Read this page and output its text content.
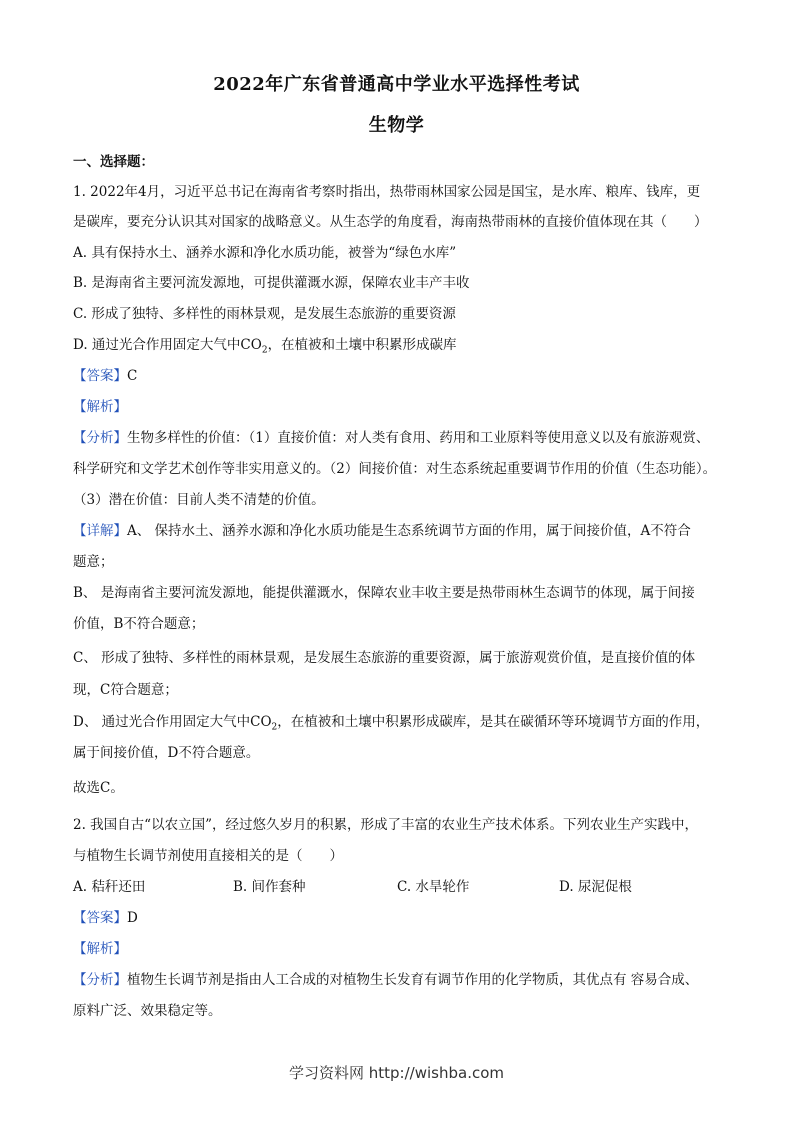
2022年广东省普通高中学业水平选择性考试
生物学
一、选择题：
1. 2022年4月，习近平总书记在海南省考察时指出，热带雨林国家公园是国宝，是水库、粮库、钱库，更
是碳库，要充分认识其对国家的战略意义。从生态学的角度看，海南热带雨林的直接价值体现在其（　　）
A. 具有保持水土、涵养水源和净化水质功能，被誉为“绿色水库”
B. 是海南省主要河流发源地，可提供灌溉水源，保障农业丰产丰收
C. 形成了独特、多样性的雨林景观，是发展生态旅游的重要资源
D. 通过光合作用固定大气中$CO_2$，在植被和土壤中积累形成碳库
【答案】C
【解析】
【分析】生物多样性的价值：（1）直接价值：对人类有食用、药用和工业原料等使用意义以及有旅游观赏、
科学研究和文学艺术创作等非实用意义的。（2）间接价值：对生态系统起重要调节作用的价值（生态功能）。
（3）潜在价值：目前人类不清楚的价值。
【详解】A、 保持水土、涵养水源和净化水质功能是生态系统调节方面的作用，属于间接价值，A不符合
题意；
B、 是海南省主要河流发源地，能提供灌溉水，保障农业丰收主要是热带雨林生态调节的体现，属于间接
价值，B不符合题意；
C、 形成了独特、多样性的雨林景观，是发展生态旅游的重要资源，属于旅游观赏价值，是直接价值的体
现，C符合题意；
D、 通过光合作用固定大气中$CO_2$，在植被和土壤中积累形成碳库，是其在碳循环等环境调节方面的作用，
属于间接价值，D不符合题意。
故选C。
2. 我国自古“以农立国”，经过悠久岁月的积累，形成了丰富的农业生产技术体系。下列农业生产实践中，
与植物生长调节剂使用直接相关的是（　　）
A. 秸秆还田	B. 间作套种	C. 水旱轮作	D. 尿泥促根
【答案】D
【解析】
【分析】植物生长调节剂是指由人工合成的对植物生长发育有调节作用的化学物质，其优点有 容易合成、
原料广泛、效果稳定等。
学习资料网 http://wishba.com
